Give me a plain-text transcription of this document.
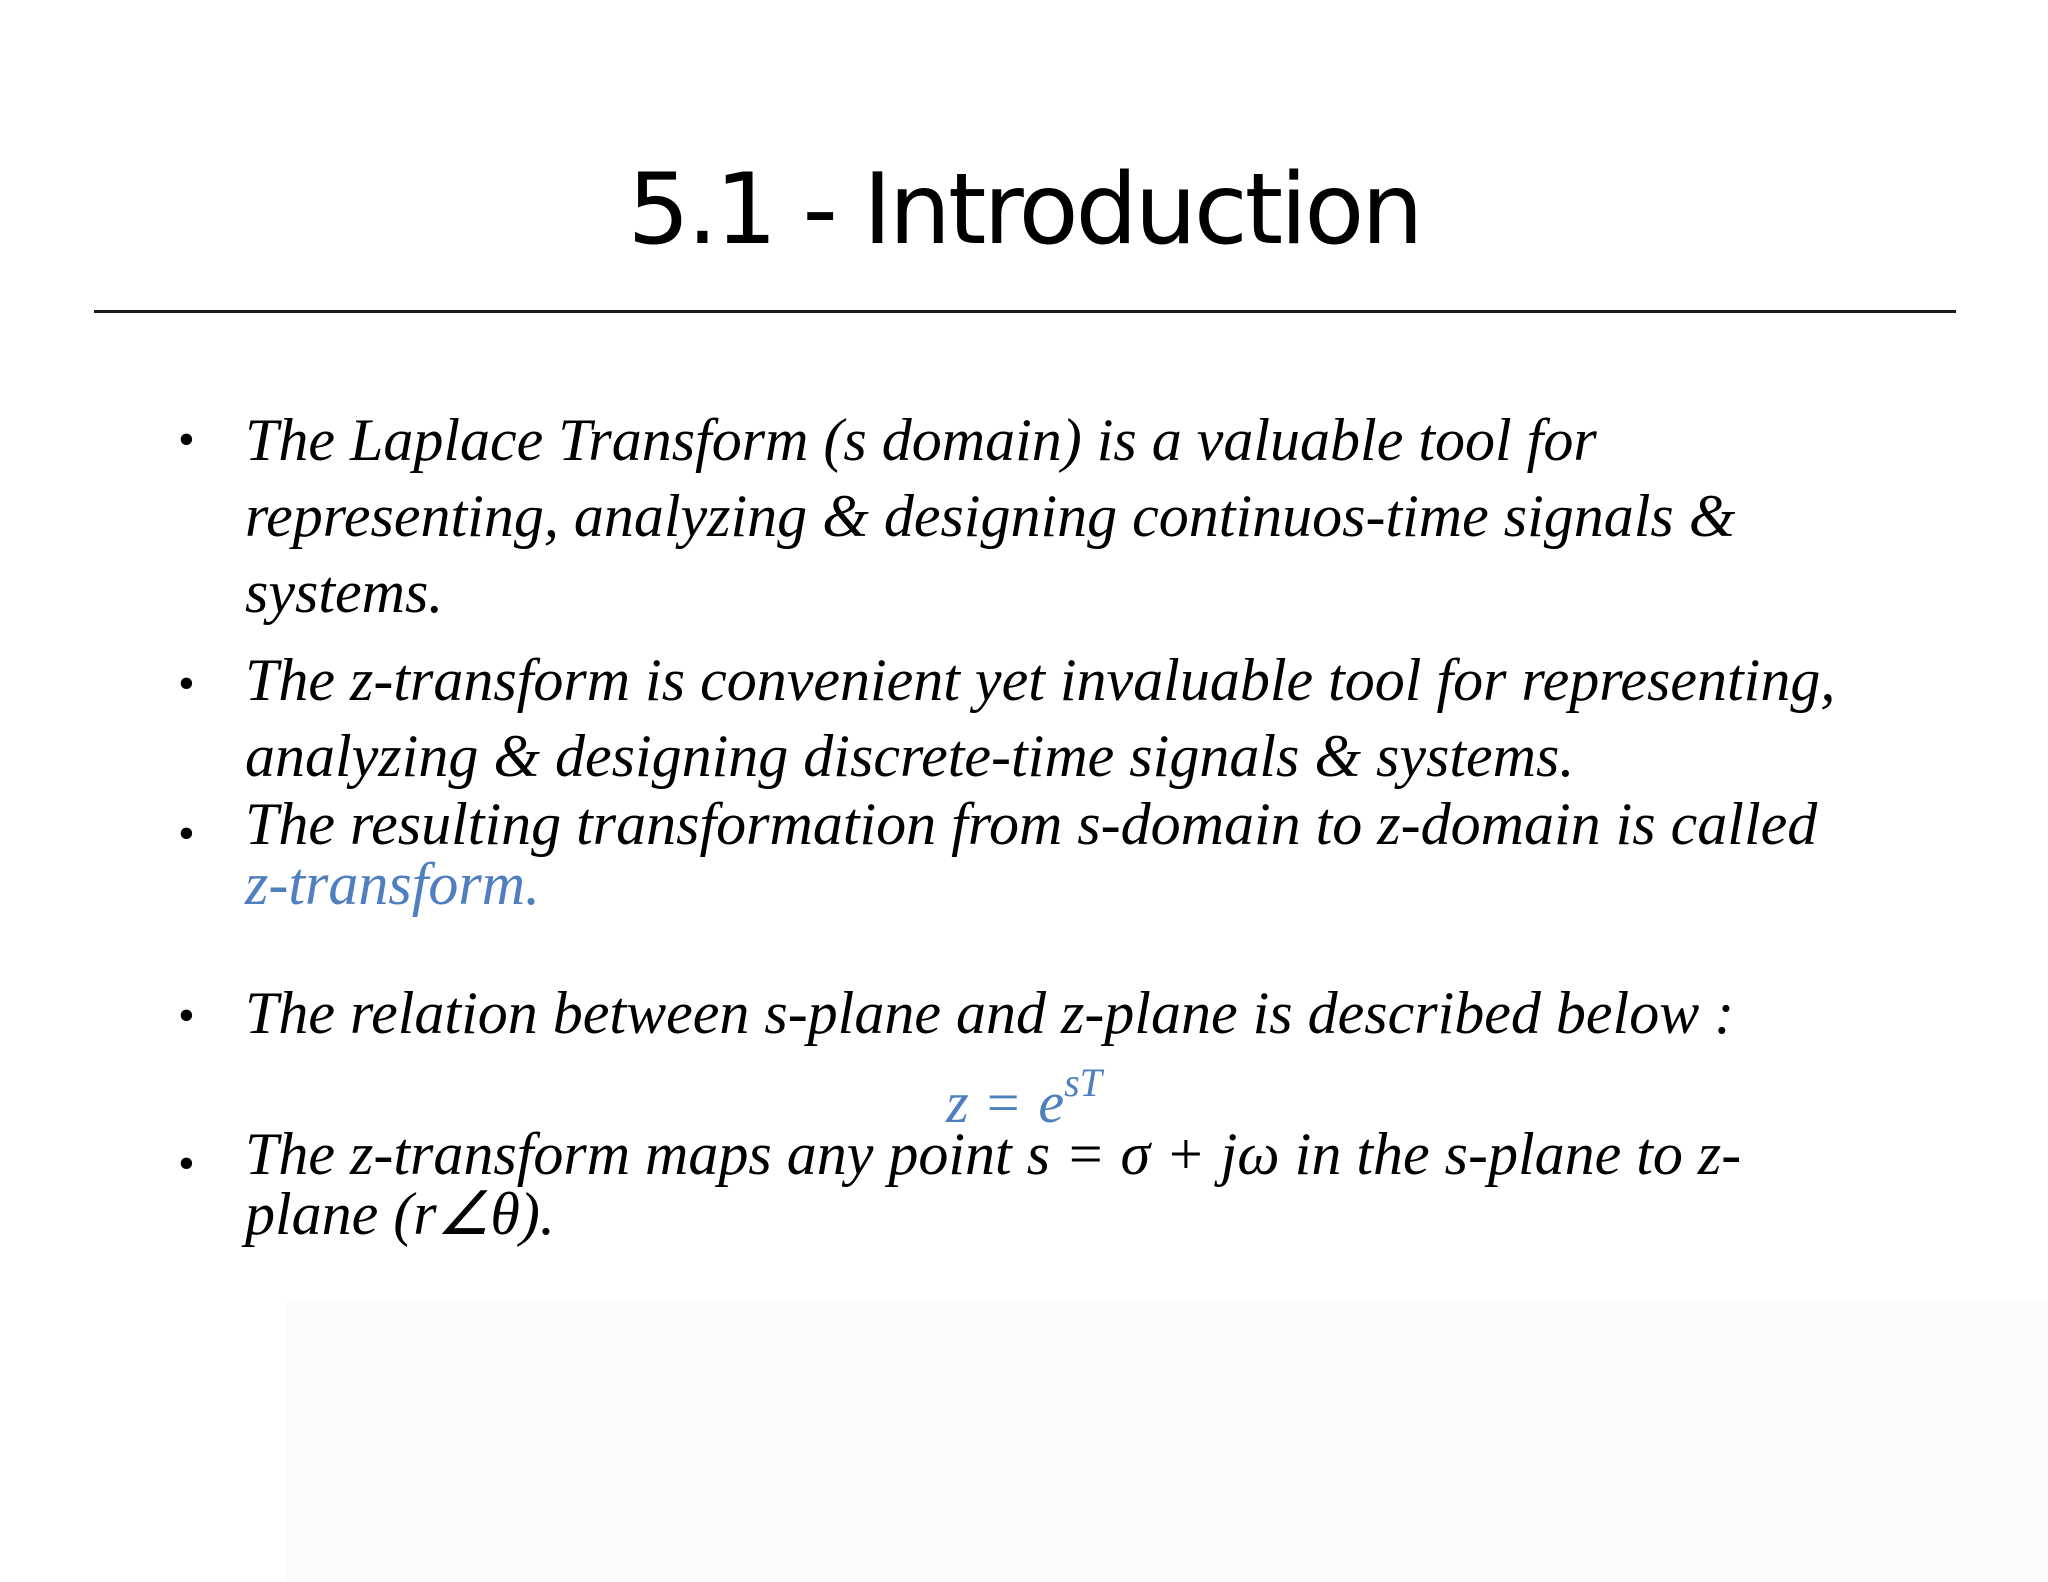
5.1 - Introduction
• The Laplace Transform (s domain) is a valuable tool for
representing, analyzing & designing continuos-time signals &
systems.
• The z-transform is convenient yet invaluable tool for representing,
analyzing & designing discrete-time signals & systems.
• The resulting transformation from s-domain to z-domain is called
z-transform.
• The relation between s-plane and z-plane is described below :
$z = e^{sT}$
• The z-transform maps any point s = σ + jω in the s-plane to z-
plane (r∠θ).
